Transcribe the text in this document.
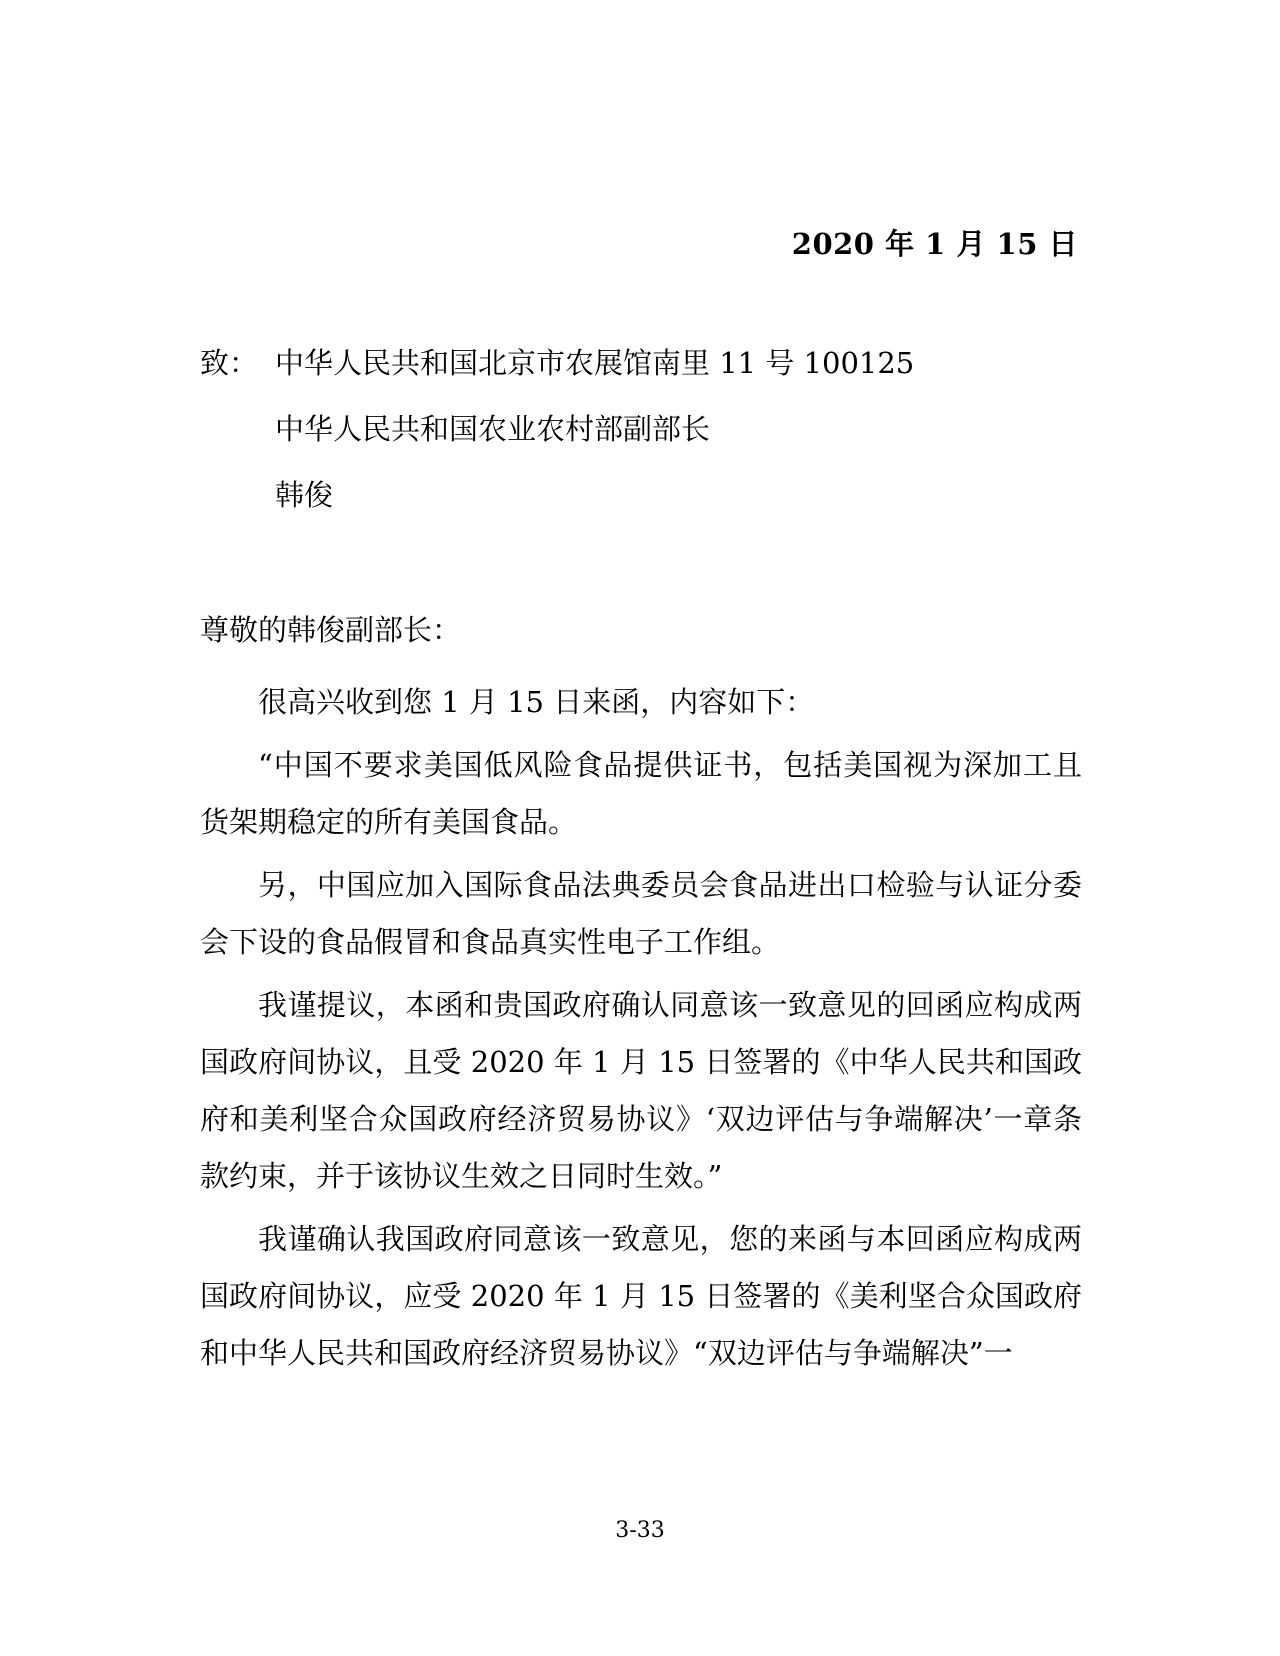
2020 年 1 月 15 日
致： 中华人民共和国北京市农展馆南里 11 号 100125
中华人民共和国农业农村部副部长
韩俊
尊敬的韩俊副部长：

很高兴收到您 1 月 15 日来函，内容如下：

“中国不要求美国低风险食品提供证书，包括美国视为深加工且货架期稳定的所有美国食品。

另，中国应加入国际食品法典委员会食品进出口检验与认证分委会下设的食品假冒和食品真实性电子工作组。

我谨提议，本函和贵国政府确认同意该一致意见的回函应构成两国政府间协议，且受 2020 年 1 月 15 日签署的《中华人民共和国政府和美利坚合众国政府经济贸易协议》‘双边评估与争端解决’一章条款约束，并于该协议生效之日同时生效。”

我谨确认我国政府同意该一致意见，您的来函与本回函应构成两国政府间协议，应受 2020 年 1 月 15 日签署的《美利坚合众国政府和中华人民共和国政府经济贸易协议》“双边评估与争端解决”一

3-33
